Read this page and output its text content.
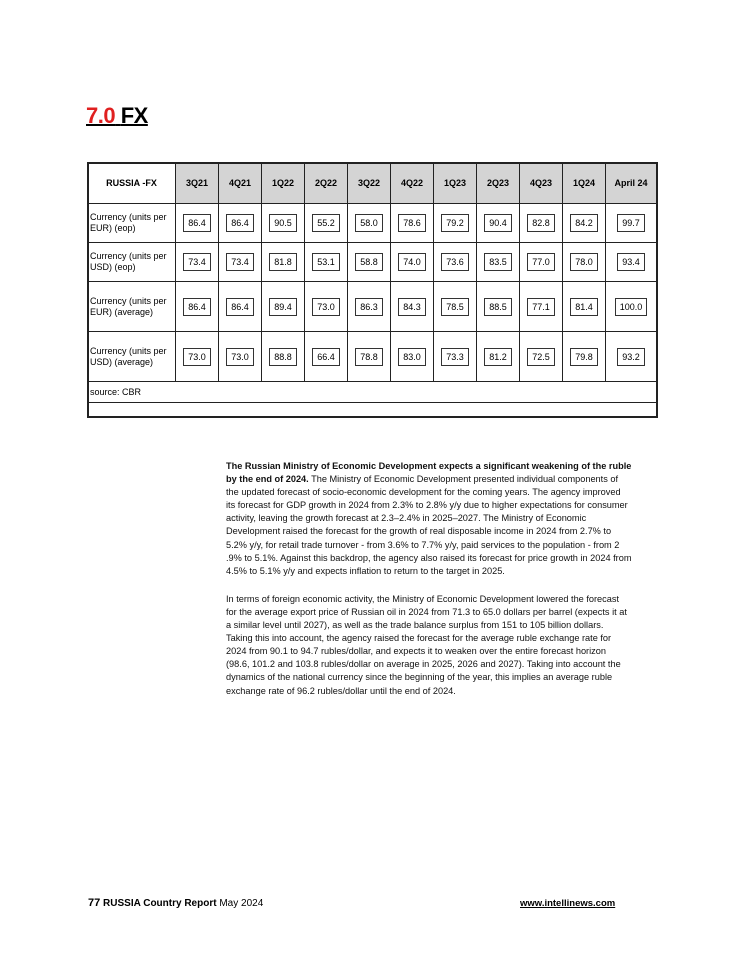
7.0 FX
RUSSIA -FX	3Q21	4Q21	1Q22	2Q22	3Q22	4Q22	1Q23	2Q23	4Q23	1Q24	April 24
Currency (units per EUR) (eop)	86.4	86.4	90.5	55.2	58.0	78.6	79.2	90.4	82.8	84.2	99.7
Currency (units per USD) (eop)	73.4	73.4	81.8	53.1	58.8	74.0	73.6	83.5	77.0	78.0	93.4
Currency (units per EUR) (average)	86.4	86.4	89.4	73.0	86.3	84.3	78.5	88.5	77.1	81.4	100.0
Currency (units per USD) (average)	73.0	73.0	88.8	66.4	78.8	83.0	73.3	81.2	72.5	79.8	93.2
source: CBR											

The Russian Ministry of Economic Development expects a significant weakening of the ruble by the end of 2024. The Ministry of Economic Development presented individual components of the updated forecast of socio-economic development for the coming years. The agency improved its forecast for GDP growth in 2024 from 2.3% to 2.8% y/y due to higher expectations for consumer activity, leaving the growth forecast at 2.3–2.4% in 2025–2027. The Ministry of Economic Development raised the forecast for the growth of real disposable income in 2024 from 2.7% to 5.2% y/y, for retail trade turnover - from 3.6% to 7.7% y/y, paid services to the population - from 2 .9% to 5.1%. Against this backdrop, the agency also raised its forecast for price growth in 2024 from 4.5% to 5.1% y/y and expects inflation to return to the target in 2025.

In terms of foreign economic activity, the Ministry of Economic Development lowered the forecast for the average export price of Russian oil in 2024 from 71.3 to 65.0 dollars per barrel (expects it at a similar level until 2027), as well as the trade balance surplus from 151 to 105 billion dollars. Taking this into account, the agency raised the forecast for the average ruble exchange rate for 2024 from 90.1 to 94.7 rubles/dollar, and expects it to weaken over the entire forecast horizon (98.6, 101.2 and 103.8 rubles/dollar on average in 2025, 2026 and 2027). Taking into account the dynamics of the national currency since the beginning of the year, this implies an average ruble exchange rate of 96.2 rubles/dollar until the end of 2024.

77 RUSSIA Country Report May 2024	www.intellinews.com
